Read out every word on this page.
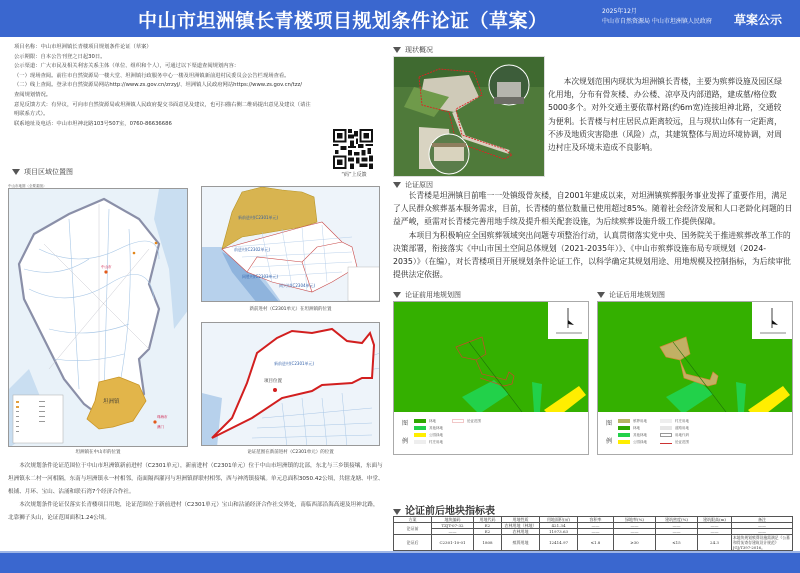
中山市坦洲镇长青楼项目规划条件论证（草案）	2025年12月
中山市自然资源局 中山市坦洲镇人民政府 草案公示

项目名称：中山市坦洲镇长青楼项目规划条件论证（草案）

公示期限：自本公告刊登之日起30日。

公示渠道：广大市民及相关利害关系主体（单位、组织和个人），可通过以下渠道查阅规划内容：

（一）现场查阅。前往市自然资源局一楼大堂、坦洲镇行政服务中心一楼及坦洲镇新前进村民委员会公告栏现场查看。

（二）线上查阅。登录市自然资源局网站http://www.zs.gov.cn/zrzyj/、坦洲镇人民政府网站https://www.zs.gov.cn/tzz/

查阅规划情况。

意见反馈方式：有异议，可向市自然资源局或坦洲镇人民政府提交书面意见及建议，也可扫描右侧二维码提出意见及建议（请注

明联系方式）。

联系地址及电话：中山市坦神北路103号507室，0760-86636686

“码”上反馈
项目区域位置图
中山市地图（全要素版）
坦洲镇
中山市
珠海市
澳门
坦洲镇在中山市的位置
新前进村(C2301单元)
前进村(C2302单元)
同胜村(C2303单元)
同兴村(C2304单元)
新前进村（C2301单元）在坦洲镇的位置
新前进村(C2301单元)
项目位置
论证范围在新前进村（C2301单元）的位置

本次规划条件论证范围位于中山市坦洲镇新前进村（C2301单元），新前进村（C2301单元）位于中山市坦洲镇的北部，东北与三乡镇接壤，东面与坦洲镇永二村一河相隔，东南与坦洲镇永一村相邻，南面隔西灌河与坦洲镇群联村相邻，西与神湾镇接壤。单元总面积3050.42公顷，共辖龙塘、申堂、根铺、月环、宝山、沾涌和联石湾7个经济合作社。

本次规划条件论证仅落实长青楼项目用地，论证范围位于新前进村（C2301单元）宝山和沾涌经济合作社交界处，南临西部沿海高速及坦神北路，北靠狮子头山，论证范围面积1.24公顷。

现状概况
本次规划范围内现状为坦洲镇长青楼，主要为殡葬设施及园区绿化用地，分布有骨灰楼、办公楼、凉亭及内部道路，建成墓/格位数5000多个。对外交通主要依靠村路(约6m宽)连接坦神北路，交通较为便利。长青楼与村庄居民点距离较远，且与现状山体有一定距离，不涉及地质灾害隐患（风险）点，其建筑整体与周边环境协调，对周边村庄及环境未造成不良影响。
论证原因

长青楼是坦洲镇目前唯一一处镇级骨灰楼，自2001年建成以来，对坦洲镇殡葬服务事业发挥了重要作用，满足了人民群众殡葬基本服务需求，目前，长青楼的墓位数量已使用超过85%。随着社会经济发展和人口老龄化问题的日益严峻，亟需对长青楼完善用地手续及提升相关配套设施，为后续殡葬设施升级工作提供保障。

本项目为积极响应全国殡葬领域突出问题专项整治行动，认真贯彻落实党中央、国务院关于推进殡葬改革工作的决策部署，衔接落实《中山市国土空间总体规划（2021-2035年）》、《中山市殡葬设施布局专项规划（2024-2035）》（在编），对长青楼项目开展规划条件论证工作，以科学确定其规划用途、用地规模及控制指标，为后续审批提供法定依据。

论证前用地规划图
图
例
林地
其他林地
公园绿地
村庄用地
论证范围
论证后用地规划图
图
例
殡葬用地
林地
其他林地
公园绿地
村庄用地
道路用地
用地代码
论证范围
论证前后地块指标表
方案	地块编码	用地代码	用地性质	用地面积(㎡)	容积率	绿地率(%)	建筑密度(%)	建筑限高(m)	备注
论证前	TZJT-07-32	E2	农林用地（林地）	421.34	——	——	——	——	——
	——	E2	农林用地	11973.63	——	——	——	——	——
论证后	C2301-10-01	1808	殡葬用地	12414.97	≤1.8	≥30	≤15	24.3	本地块规划殡葬设施需满足《公墓和骨灰寄存建筑设计规范》JGJ/T397-2016。
